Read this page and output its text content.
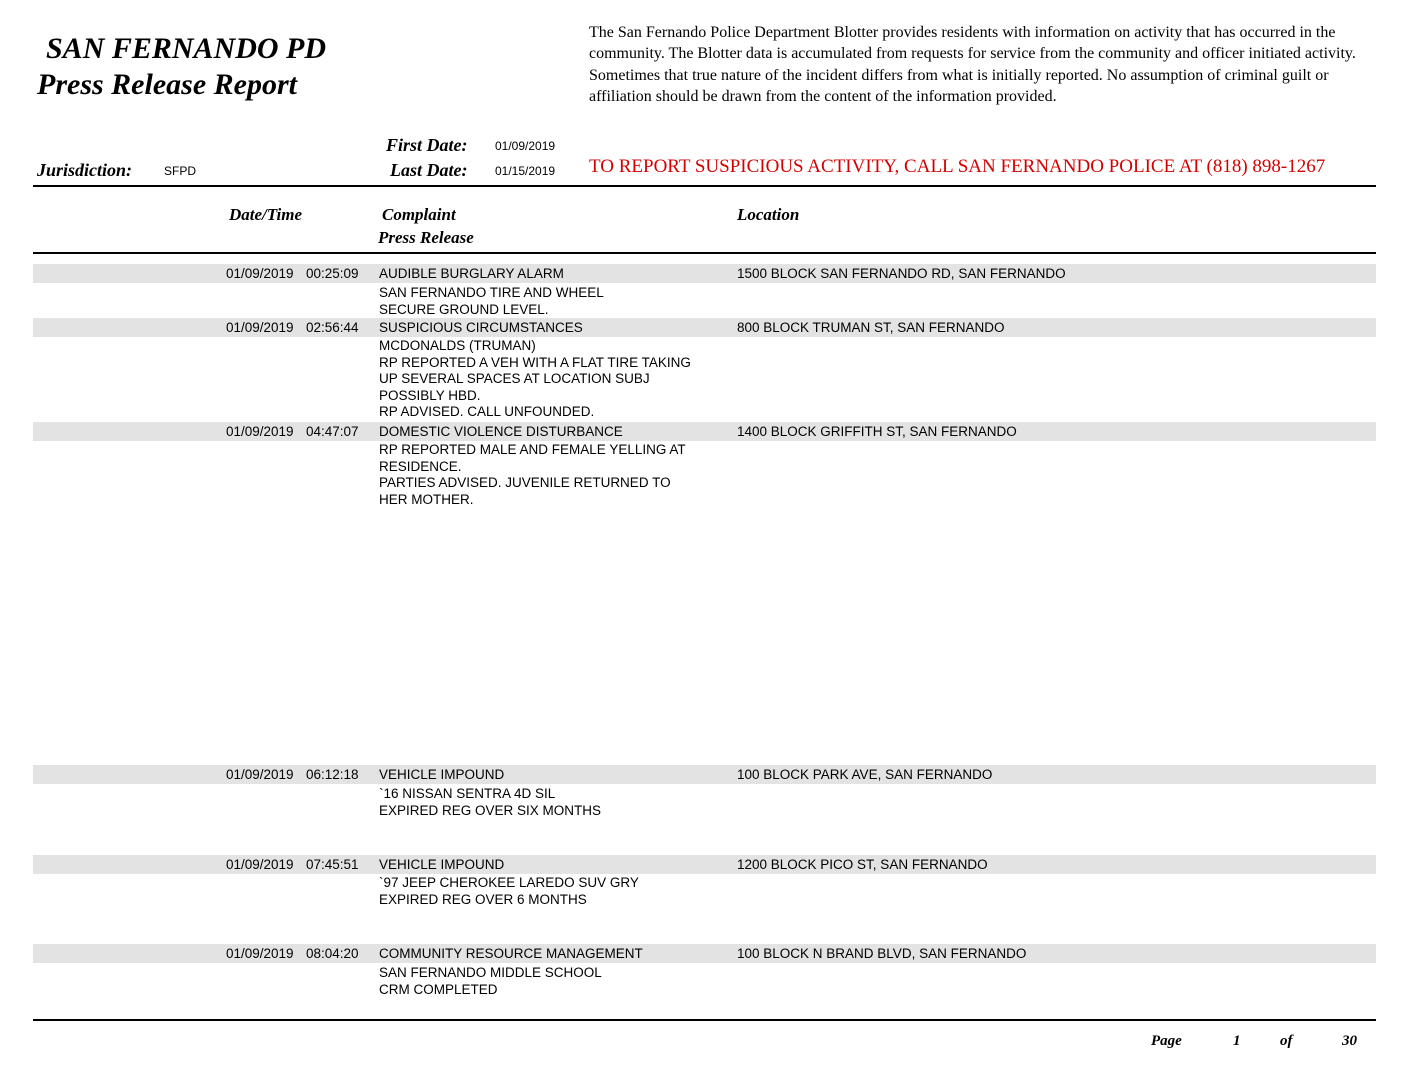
SAN FERNANDO PD
Press Release Report
The San Fernando Police Department Blotter provides residents with information on activity that has occurred in the community. The Blotter data is accumulated from requests for service from the community and officer initiated activity. Sometimes that true nature of the incident differs from what is initially reported. No assumption of criminal guilt or affiliation should be drawn from the content of the information provided.
Jurisdiction:	SFPD
First Date: 01/09/2019
Last Date: 01/15/2019 TO REPORT SUSPICIOUS ACTIVITY, CALL SAN FERNANDO POLICE AT (818) 898-1267
Date/Time	Complaint
Press Release
Location
01/09/2019 00:25:09 AUDIBLE BURGLARY ALARM	1500 BLOCK SAN FERNANDO RD, SAN FERNANDO
SAN FERNANDO TIRE AND WHEEL
SECURE GROUND LEVEL.
01/09/2019 02:56:44 SUSPICIOUS CIRCUMSTANCES	800 BLOCK TRUMAN ST, SAN FERNANDO
MCDONALDS (TRUMAN)
RP REPORTED A VEH WITH A FLAT TIRE TAKING
UP SEVERAL SPACES AT LOCATION SUBJ
POSSIBLY HBD.
RP ADVISED. CALL UNFOUNDED.
01/09/2019 04:47:07 DOMESTIC VIOLENCE DISTURBANCE	1400 BLOCK GRIFFITH ST, SAN FERNANDO
RP REPORTED MALE AND FEMALE YELLING AT
RESIDENCE.
PARTIES ADVISED. JUVENILE RETURNED TO
HER MOTHER.
01/09/2019 06:12:18 VEHICLE IMPOUND	100 BLOCK PARK AVE, SAN FERNANDO
`16 NISSAN SENTRA 4D SIL
EXPIRED REG OVER SIX MONTHS
01/09/2019 07:45:51 VEHICLE IMPOUND	1200 BLOCK PICO ST, SAN FERNANDO
`97 JEEP CHEROKEE LAREDO SUV GRY
EXPIRED REG OVER 6 MONTHS
01/09/2019 08:04:20 COMMUNITY RESOURCE MANAGEMENT	100 BLOCK N BRAND BLVD, SAN FERNANDO
SAN FERNANDO MIDDLE SCHOOL
CRM COMPLETED
Page	1	of	30
